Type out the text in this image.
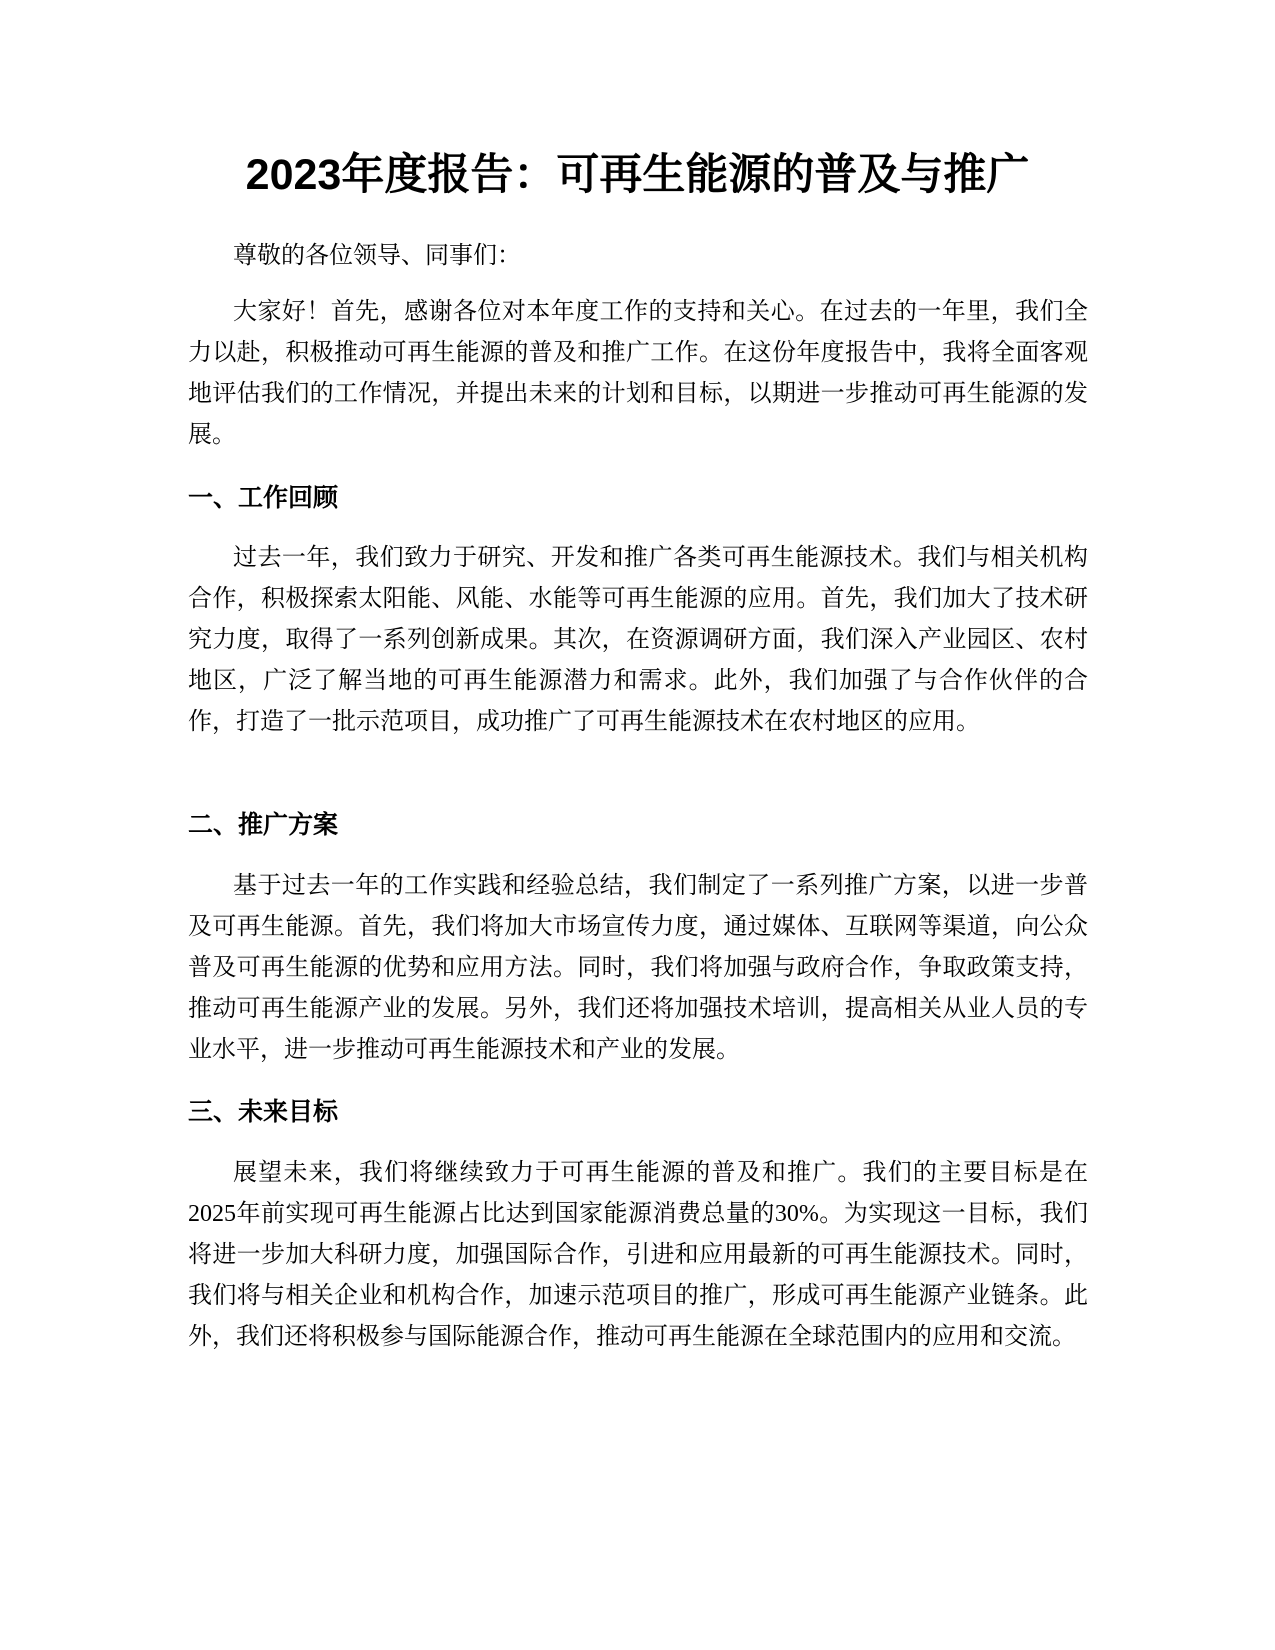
2023年度报告：可再生能源的普及与推广

尊敬的各位领导、同事们：

大家好！首先，感谢各位对本年度工作的支持和关心。在过去的一年里，我们全力以赴，积极推动可再生能源的普及和推广工作。在这份年度报告中，我将全面客观地评估我们的工作情况，并提出未来的计划和目标，以期进一步推动可再生能源的发展。

一、工作回顾

过去一年，我们致力于研究、开发和推广各类可再生能源技术。我们与相关机构合作，积极探索太阳能、风能、水能等可再生能源的应用。首先，我们加大了技术研究力度，取得了一系列创新成果。其次，在资源调研方面，我们深入产业园区、农村地区，广泛了解当地的可再生能源潜力和需求。此外，我们加强了与合作伙伴的合作，打造了一批示范项目，成功推广了可再生能源技术在农村地区的应用。

二、推广方案

基于过去一年的工作实践和经验总结，我们制定了一系列推广方案，以进一步普及可再生能源。首先，我们将加大市场宣传力度，通过媒体、互联网等渠道，向公众普及可再生能源的优势和应用方法。同时，我们将加强与政府合作，争取政策支持，推动可再生能源产业的发展。另外，我们还将加强技术培训，提高相关从业人员的专业水平，进一步推动可再生能源技术和产业的发展。

三、未来目标

展望未来，我们将继续致力于可再生能源的普及和推广。我们的主要目标是在2025年前实现可再生能源占比达到国家能源消费总量的30%。为实现这一目标，我们将进一步加大科研力度，加强国际合作，引进和应用最新的可再生能源技术。同时，我们将与相关企业和机构合作，加速示范项目的推广，形成可再生能源产业链条。此外，我们还将积极参与国际能源合作，推动可再生能源在全球范围内的应用和交流。
